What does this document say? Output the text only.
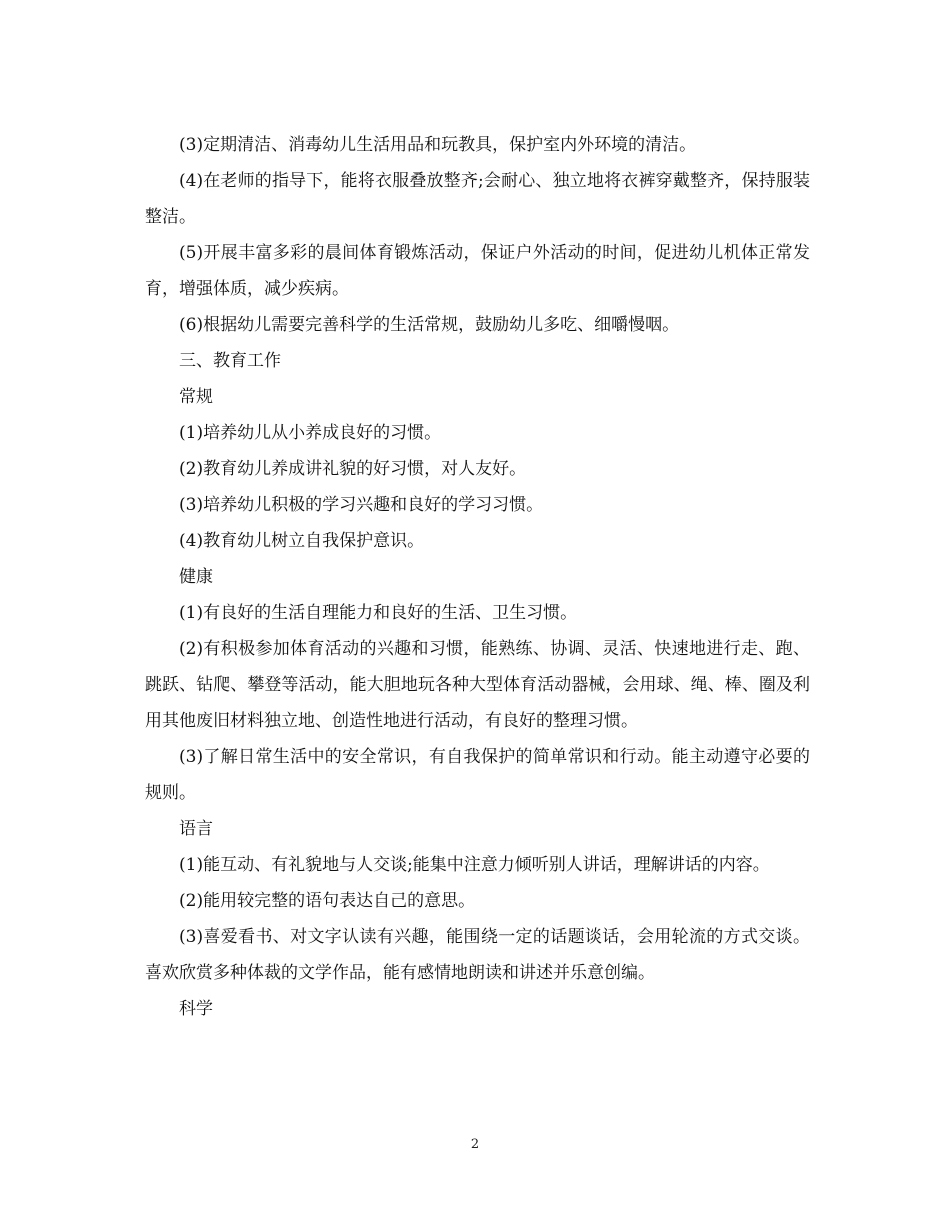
(3)定期清洁、消毒幼儿生活用品和玩教具，保护室内外环境的清洁。

(4)在老师的指导下，能将衣服叠放整齐;会耐心、独立地将衣裤穿戴整齐，保持服装整洁。

(5)开展丰富多彩的晨间体育锻炼活动，保证户外活动的时间，促进幼儿机体正常发育，增强体质，减少疾病。

(6)根据幼儿需要完善科学的生活常规，鼓励幼儿多吃、细嚼慢咽。

三、教育工作

常规

(1)培养幼儿从小养成良好的习惯。

(2)教育幼儿养成讲礼貌的好习惯，对人友好。

(3)培养幼儿积极的学习兴趣和良好的学习习惯。

(4)教育幼儿树立自我保护意识。

健康

(1)有良好的生活自理能力和良好的生活、卫生习惯。

(2)有积极参加体育活动的兴趣和习惯，能熟练、协调、灵活、快速地进行走、跑、跳跃、钻爬、攀登等活动，能大胆地玩各种大型体育活动器械，会用球、绳、棒、圈及利用其他废旧材料独立地、创造性地进行活动，有良好的整理习惯。

(3)了解日常生活中的安全常识，有自我保护的简单常识和行动。能主动遵守必要的规则。

语言

(1)能互动、有礼貌地与人交谈;能集中注意力倾听别人讲话，理解讲话的内容。

(2)能用较完整的语句表达自己的意思。

(3)喜爱看书、对文字认读有兴趣，能围绕一定的话题谈话，会用轮流的方式交谈。喜欢欣赏多种体裁的文学作品，能有感情地朗读和讲述并乐意创编。

科学

2
